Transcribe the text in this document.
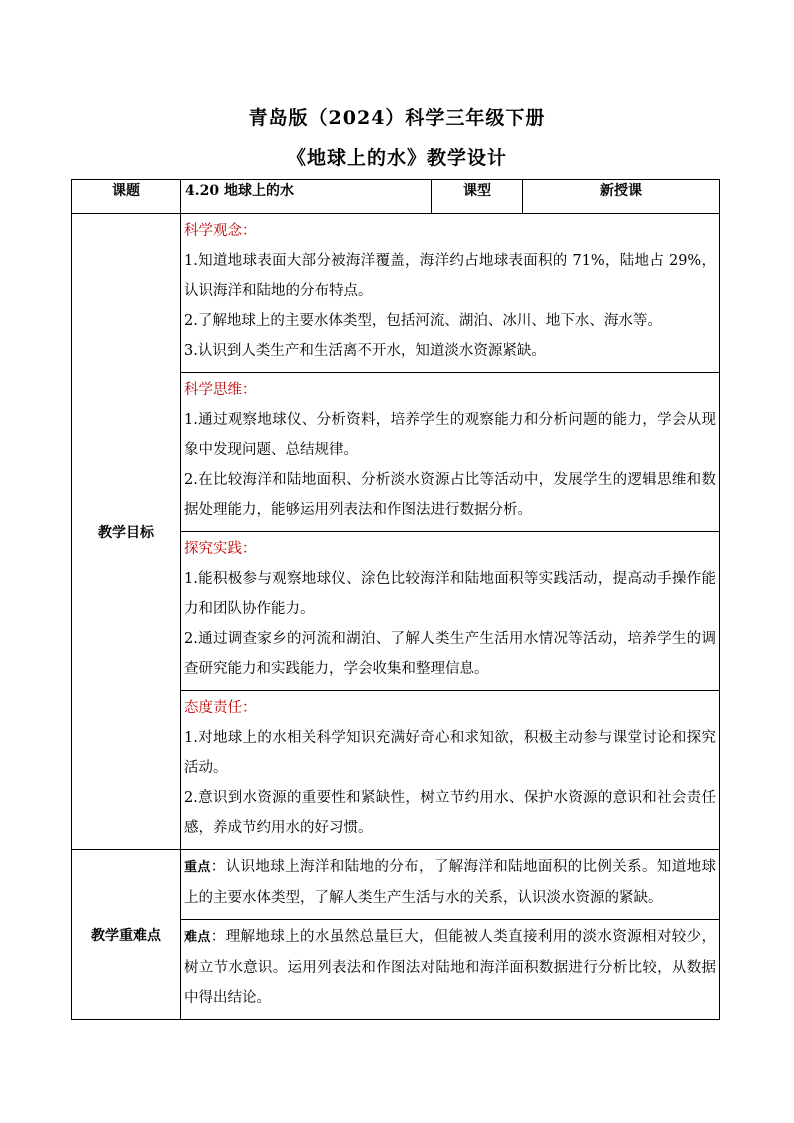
青岛版（2024）科学三年级下册
《地球上的水》教学设计
课题	4.20 地球上的水	课型	新授课
教学目标	科学观念：

1.知道地球表面大部分被海洋覆盖，海洋约占地球表面积的 71%，陆地占 29%，认识海洋和陆地的分布特点。

2.了解地球上的主要水体类型，包括河流、湖泊、冰川、地下水、海水等。

3.认识到人类生产和生活离不开水，知道淡水资源紧缺。		

	科学思维：

1.通过观察地球仪、分析资料，培养学生的观察能力和分析问题的能力，学会从现象中发现问题、总结规律。

2.在比较海洋和陆地面积、分析淡水资源占比等活动中，发展学生的逻辑思维和数据处理能力，能够运用列表法和作图法进行数据分析。		

	探究实践：

1.能积极参与观察地球仪、涂色比较海洋和陆地面积等实践活动，提高动手操作能力和团队协作能力。

2.通过调查家乡的河流和湖泊、了解人类生产生活用水情况等活动，培养学生的调查研究能力和实践能力，学会收集和整理信息。		

	态度责任：

1.对地球上的水相关科学知识充满好奇心和求知欲，积极主动参与课堂讨论和探究活动。

2.意识到水资源的重要性和紧缺性，树立节约用水、保护水资源的意识和社会责任感，养成节约用水的好习惯。		

教学重难点	重点：认识地球上海洋和陆地的分布，了解海洋和陆地面积的比例关系。知道地球上的主要水体类型，了解人类生产生活与水的关系，认识淡水资源的紧缺。		

	难点：理解地球上的水虽然总量巨大，但能被人类直接利用的淡水资源相对较少，树立节水意识。运用列表法和作图法对陆地和海洋面积数据进行分析比较，从数据中得出结论。		
